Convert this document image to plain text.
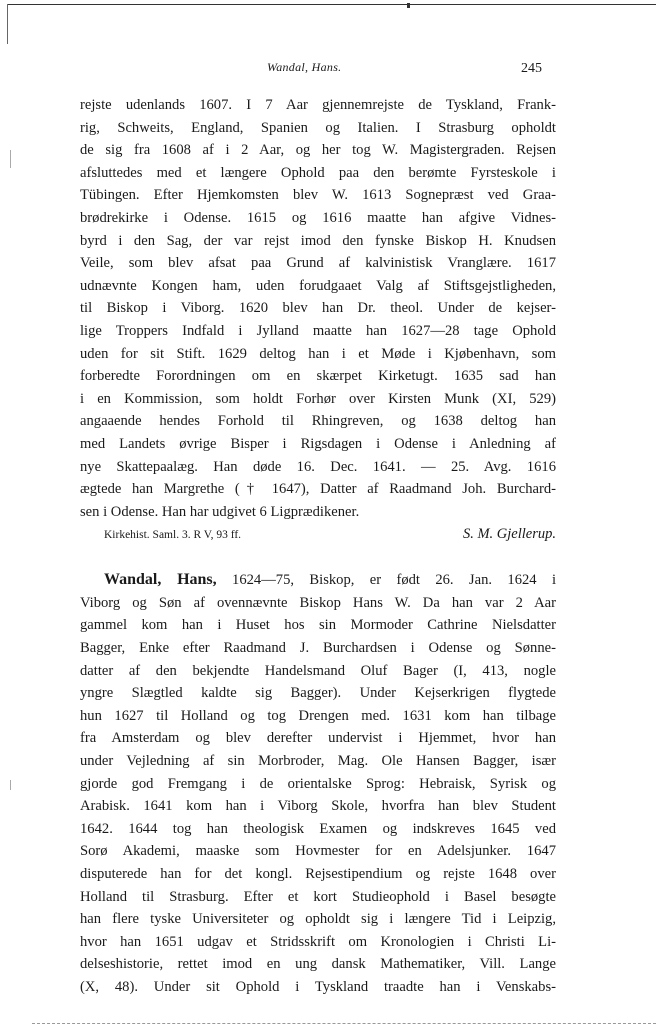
Wandal, Hans.	245
rejste udenlands 1607. I 7 Aar gjennemrejste de Tyskland, Frank-
rig, Schweits, England, Spanien og Italien. I Strasburg opholdt
de sig fra 1608 af i 2 Aar, og her tog W. Magistergraden. Rejsen
afsluttedes med et længere Ophold paa den berømte Fyrsteskole i
Tübingen. Efter Hjemkomsten blev W. 1613 Sognepræst ved Graa-
brødrekirke i Odense. 1615 og 1616 maatte han afgive Vidnes-
byrd i den Sag, der var rejst imod den fynske Biskop H. Knudsen
Veile, som blev afsat paa Grund af kalvinistisk Vranglære. 1617
udnævnte Kongen ham, uden forudgaaet Valg af Stiftsgejstligheden,
til Biskop i Viborg. 1620 blev han Dr. theol. Under de kejser-
lige Troppers Indfald i Jylland maatte han 1627—28 tage Ophold
uden for sit Stift. 1629 deltog han i et Møde i Kjøbenhavn, som
forberedte Forordningen om en skærpet Kirketugt. 1635 sad han
i en Kommission, som holdt Forhør over Kirsten Munk (XI, 529)
angaaende hendes Forhold til Rhingreven, og 1638 deltog han
med Landets øvrige Bisper i Rigsdagen i Odense i Anledning af
nye Skattepaalæg. Han døde 16. Dec. 1641. — 25. Avg. 1616
ægtede han Margrethe († 1647), Datter af Raadmand Joh. Burchard-
sen i Odense. Han har udgivet 6 Ligprædikener.
Kirkehist. Saml. 3. R V, 93 ff.	S. M. Gjellerup.
Wandal, Hans, 1624—75, Biskop, er født 26. Jan. 1624 i
Viborg og Søn af ovennævnte Biskop Hans W. Da han var 2 Aar
gammel kom han i Huset hos sin Mormoder Cathrine Nielsdatter
Bagger, Enke efter Raadmand J. Burchardsen i Odense og Sønne-
datter af den bekjendte Handelsmand Oluf Bager (I, 413, nogle
yngre Slægtled kaldte sig Bagger). Under Kejserkrigen flygtede
hun 1627 til Holland og tog Drengen med. 1631 kom han tilbage
fra Amsterdam og blev derefter undervist i Hjemmet, hvor han
under Vejledning af sin Morbroder, Mag. Ole Hansen Bagger, især
gjorde god Fremgang i de orientalske Sprog: Hebraisk, Syrisk og
Arabisk. 1641 kom han i Viborg Skole, hvorfra han blev Student
1642. 1644 tog han theologisk Examen og indskreves 1645 ved
Sorø Akademi, maaske som Hovmester for en Adelsjunker. 1647
disputerede han for det kongl. Rejsestipendium og rejste 1648 over
Holland til Strasburg. Efter et kort Studieophold i Basel besøgte
han flere tyske Universiteter og opholdt sig i længere Tid i Leipzig,
hvor han 1651 udgav et Stridsskrift om Kronologien i Christi Li-
delseshistorie, rettet imod en ung dansk Mathematiker, Vill. Lange
(X, 48). Under sit Ophold i Tyskland traadte han i Venskabs-
